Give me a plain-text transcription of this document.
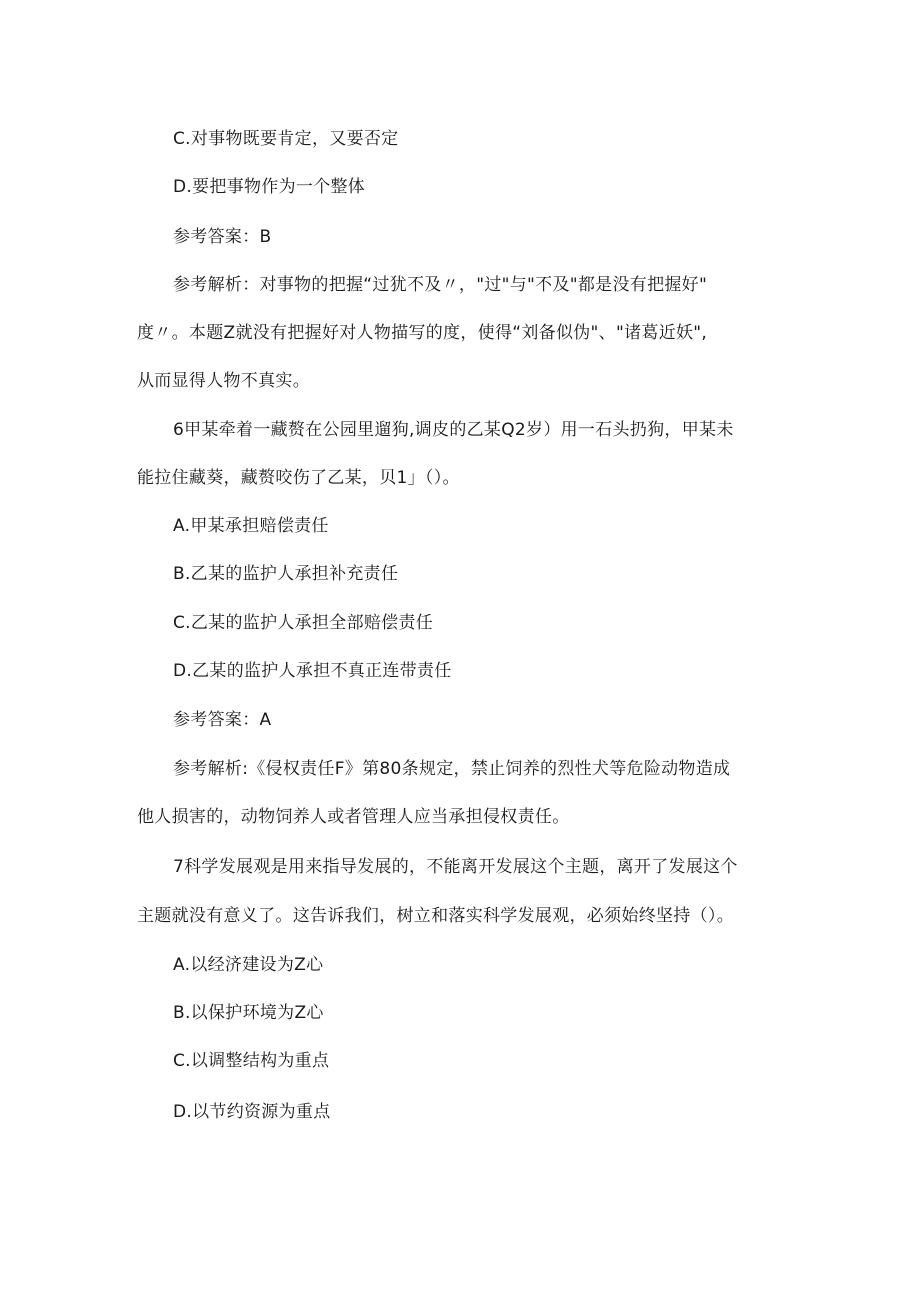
C.对事物既要肯定，又要否定
D.要把事物作为一个整体
参考答案：B
参考解析：对事物的把握“过犹不及〃，"过"与"不及"都是没有把握好"
度〃。本题Z就没有把握好对人物描写的度，使得“刘备似伪"、"诸葛近妖",
从而显得人物不真实。
6甲某牵着一藏赘在公园里遛狗,调皮的乙某Q2岁）用一石头扔狗，甲某未
能拉住藏葵，藏赘咬伤了乙某，贝1」（）。
A.甲某承担赔偿责任
B.乙某的监护人承担补充责任
C.乙某的监护人承担全部赔偿责任
D.乙某的监护人承担不真正连带责任
参考答案：A
参考解析:《侵权责任F》第80条规定，禁止饲养的烈性犬等危险动物造成
他人损害的，动物饲养人或者管理人应当承担侵权责任。
7科学发展观是用来指导发展的，不能离开发展这个主题，离开了发展这个
主题就没有意义了。这告诉我们，树立和落实科学发展观，必须始终坚持（）。
A.以经济建设为Z心
B.以保护环境为Z心
C.以调整结构为重点
D.以节约资源为重点
